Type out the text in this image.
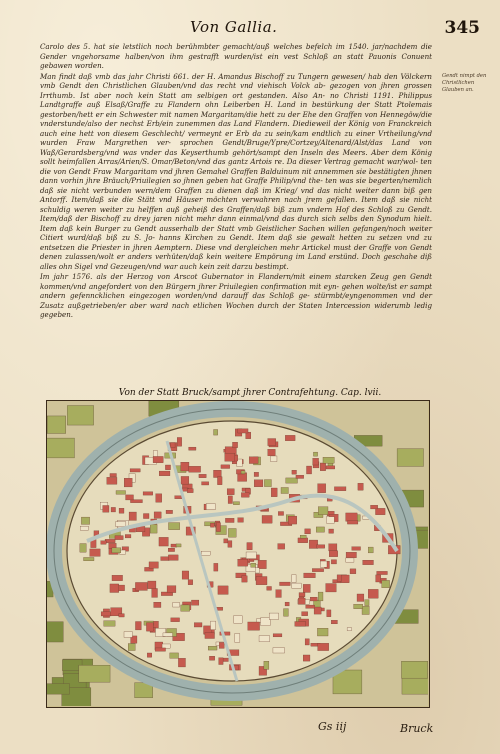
Von Gallia.	345

Carolo des 5. hat sie letstlich noch berühmbter gemacht/auß welches befelch im 1540. jar/nachdem die Gender vngehorsame halben/von ihm gestrafft wurden/ist ein vest Schloß an statt Pauonis Conuent gebawen worden.

Man findt daß vmb das jahr Christi 661. der H. Amandus Bischoff zu Tungern gewesen/ hab den Völckern vmb Gendt den Christlichen Glauben/vnd das recht vnd viehisch Volck ab- gezogen von jhren grossen Irrthumb. Ist aber noch kein Statt am selbigen ort gestanden. Also An- no Christi 1191. Philippus Landtgraffe auß Elsaß/Graffe zu Flandern ohn Leiberben H. Land in bestürkung der Statt Ptolemais gestorben/hett er ein Schwester mit namen Margaritam/die hett zu der Ehe den Graffen von Hennegöw/die vnderstunde/also der nechst Erb/ein zunemmen das Land Flandern. Diedieweil der König von Franckreich auch eine hett von diesem Geschlecht/ vermeynt er Erb da zu sein/kam endtlich zu einer Vrtheilung/vnd wurden Fraw Margrethen ver- sprochen Gendt/Bruge/Ypre/Cortzey/Altenard/Alst/das Land von Waß/Gerardsberg/vnd was vnder das Keyserthumb gehört/sampt den Inseln des Meers. Aber dem König sollt heimfallen Arras/Arien/S. Omar/Beton/vnd das gantz Artois re. Da dieser Vertrag gemacht war/wol- ten die von Gendt Fraw Margaritam vnd jhren Gemahel Graffen Balduinum nit annemmen sie bestätigten jhnen dann vorhin jhre Bräuch/Priuilegien so jhnen geben hat Graffe Philip/vnd the- ten was sie begerten/nemlich daß sie nicht verbunden wern/dem Graffen zu dienen daß im Krieg/ vnd das nicht weiter dann biß gen Antorff. Item/daß sie die Stätt vnd Häuser möchten verwahren nach jrem gefallen. Item daß sie nicht schuldig weren weiter zu helffen auß geheiß des Graffen/daß biß zum vndern Hof des Schloß zu Gendt. Item/daß der Bischoff zu drey jaren nicht mehr dann einmal/vnd das durch sich selbs den Synodum hielt. Item daß kein Burger zu Gendt ausserhalb der Statt vmb Geistlicher Sachen willen gefangen/noch weiter Citiert wurd/daß biß zu S. Jo- hanns Kirchen zu Gendt. Item daß sie gewalt hetten zu setzen vnd zu entsetzen die Priester in jhren Aemptern. Diese vnd dergleichen mehr Artickel must der Graffe von Gendt denen zulassen/wolt er anders verhüten/daß kein weitere Empörung im Land erstünd. Doch geschahe diß alles ohn Sigel vnd Gezeugen/vnd war auch kein zeit darzu bestimpt.

Im jahr 1576. als der Herzog von Arscot Gubernator in Flandern/mit einem starcken Zeug gen Gendt kommen/vnd angefordert von den Bürgern jhrer Priuilegien confirmation mit eyn- gehen wolte/ist er sampt andern gefenncklichen eingezogen worden/vnd darauff das Schloß ge- stürmbt/eyngenommen vnd der Zusatz außgetrieben/er aber ward nach etlichen Wochen durch der Staten Intercession widerumb ledig gegeben.

Gendt nimpt den Christlichen Glauben an.
Von der Statt Bruck/sampt jhrer Contrafehtung. Cap. lvii.
Gs iij	Bruck
